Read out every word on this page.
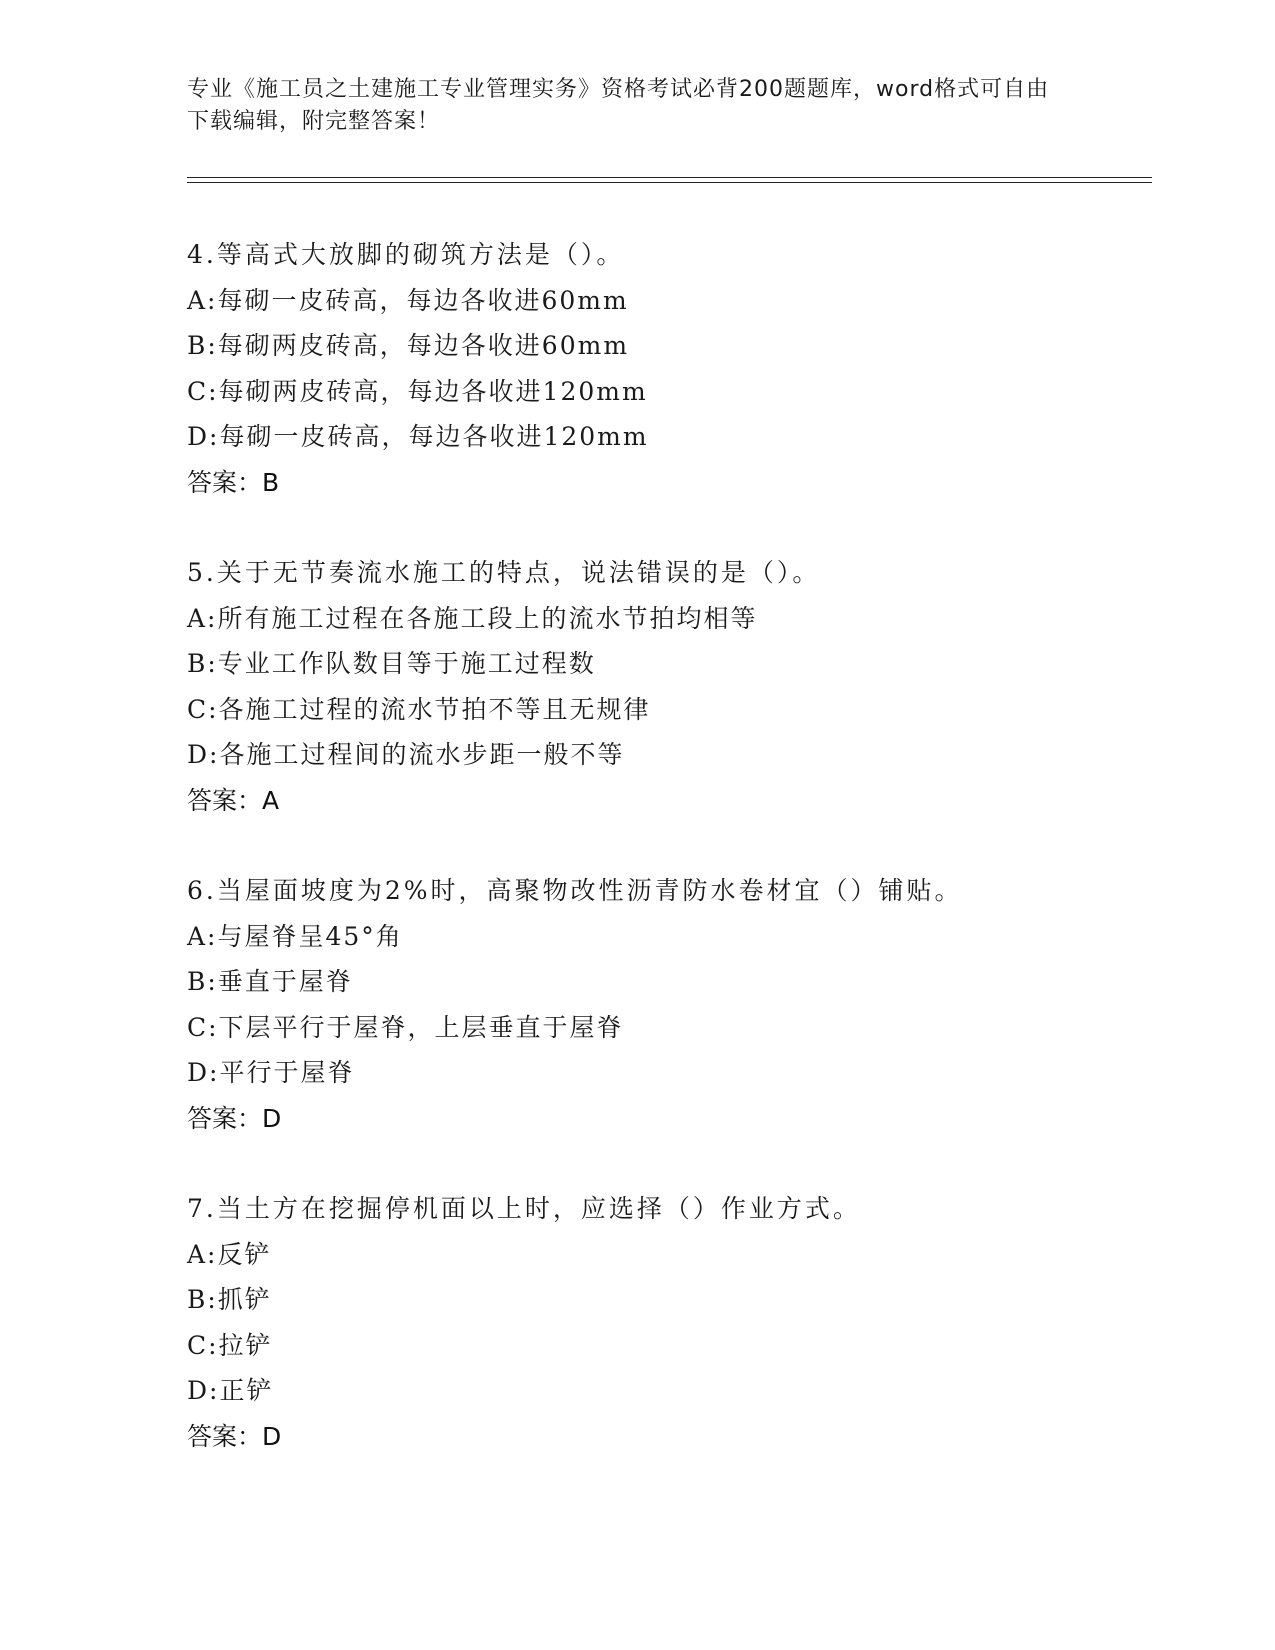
专业《施工员之土建施工专业管理实务》资格考试必背200题题库，word格式可自由下载编辑，附完整答案！
4.等高式大放脚的砌筑方法是（）。
A:每砌一皮砖高，每边各收进60mm
B:每砌两皮砖高，每边各收进60mm
C:每砌两皮砖高，每边各收进120mm
D:每砌一皮砖高，每边各收进120mm
答案：B
5.关于无节奏流水施工的特点，说法错误的是（）。
A:所有施工过程在各施工段上的流水节拍均相等
B:专业工作队数目等于施工过程数
C:各施工过程的流水节拍不等且无规律
D:各施工过程间的流水步距一般不等
答案：A
6.当屋面坡度为2%时，高聚物改性沥青防水卷材宜（）铺贴。
A:与屋脊呈45°角
B:垂直于屋脊
C:下层平行于屋脊，上层垂直于屋脊
D:平行于屋脊
答案：D
7.当土方在挖掘停机面以上时，应选择（）作业方式。
A:反铲
B:抓铲
C:拉铲
D:正铲
答案：D
